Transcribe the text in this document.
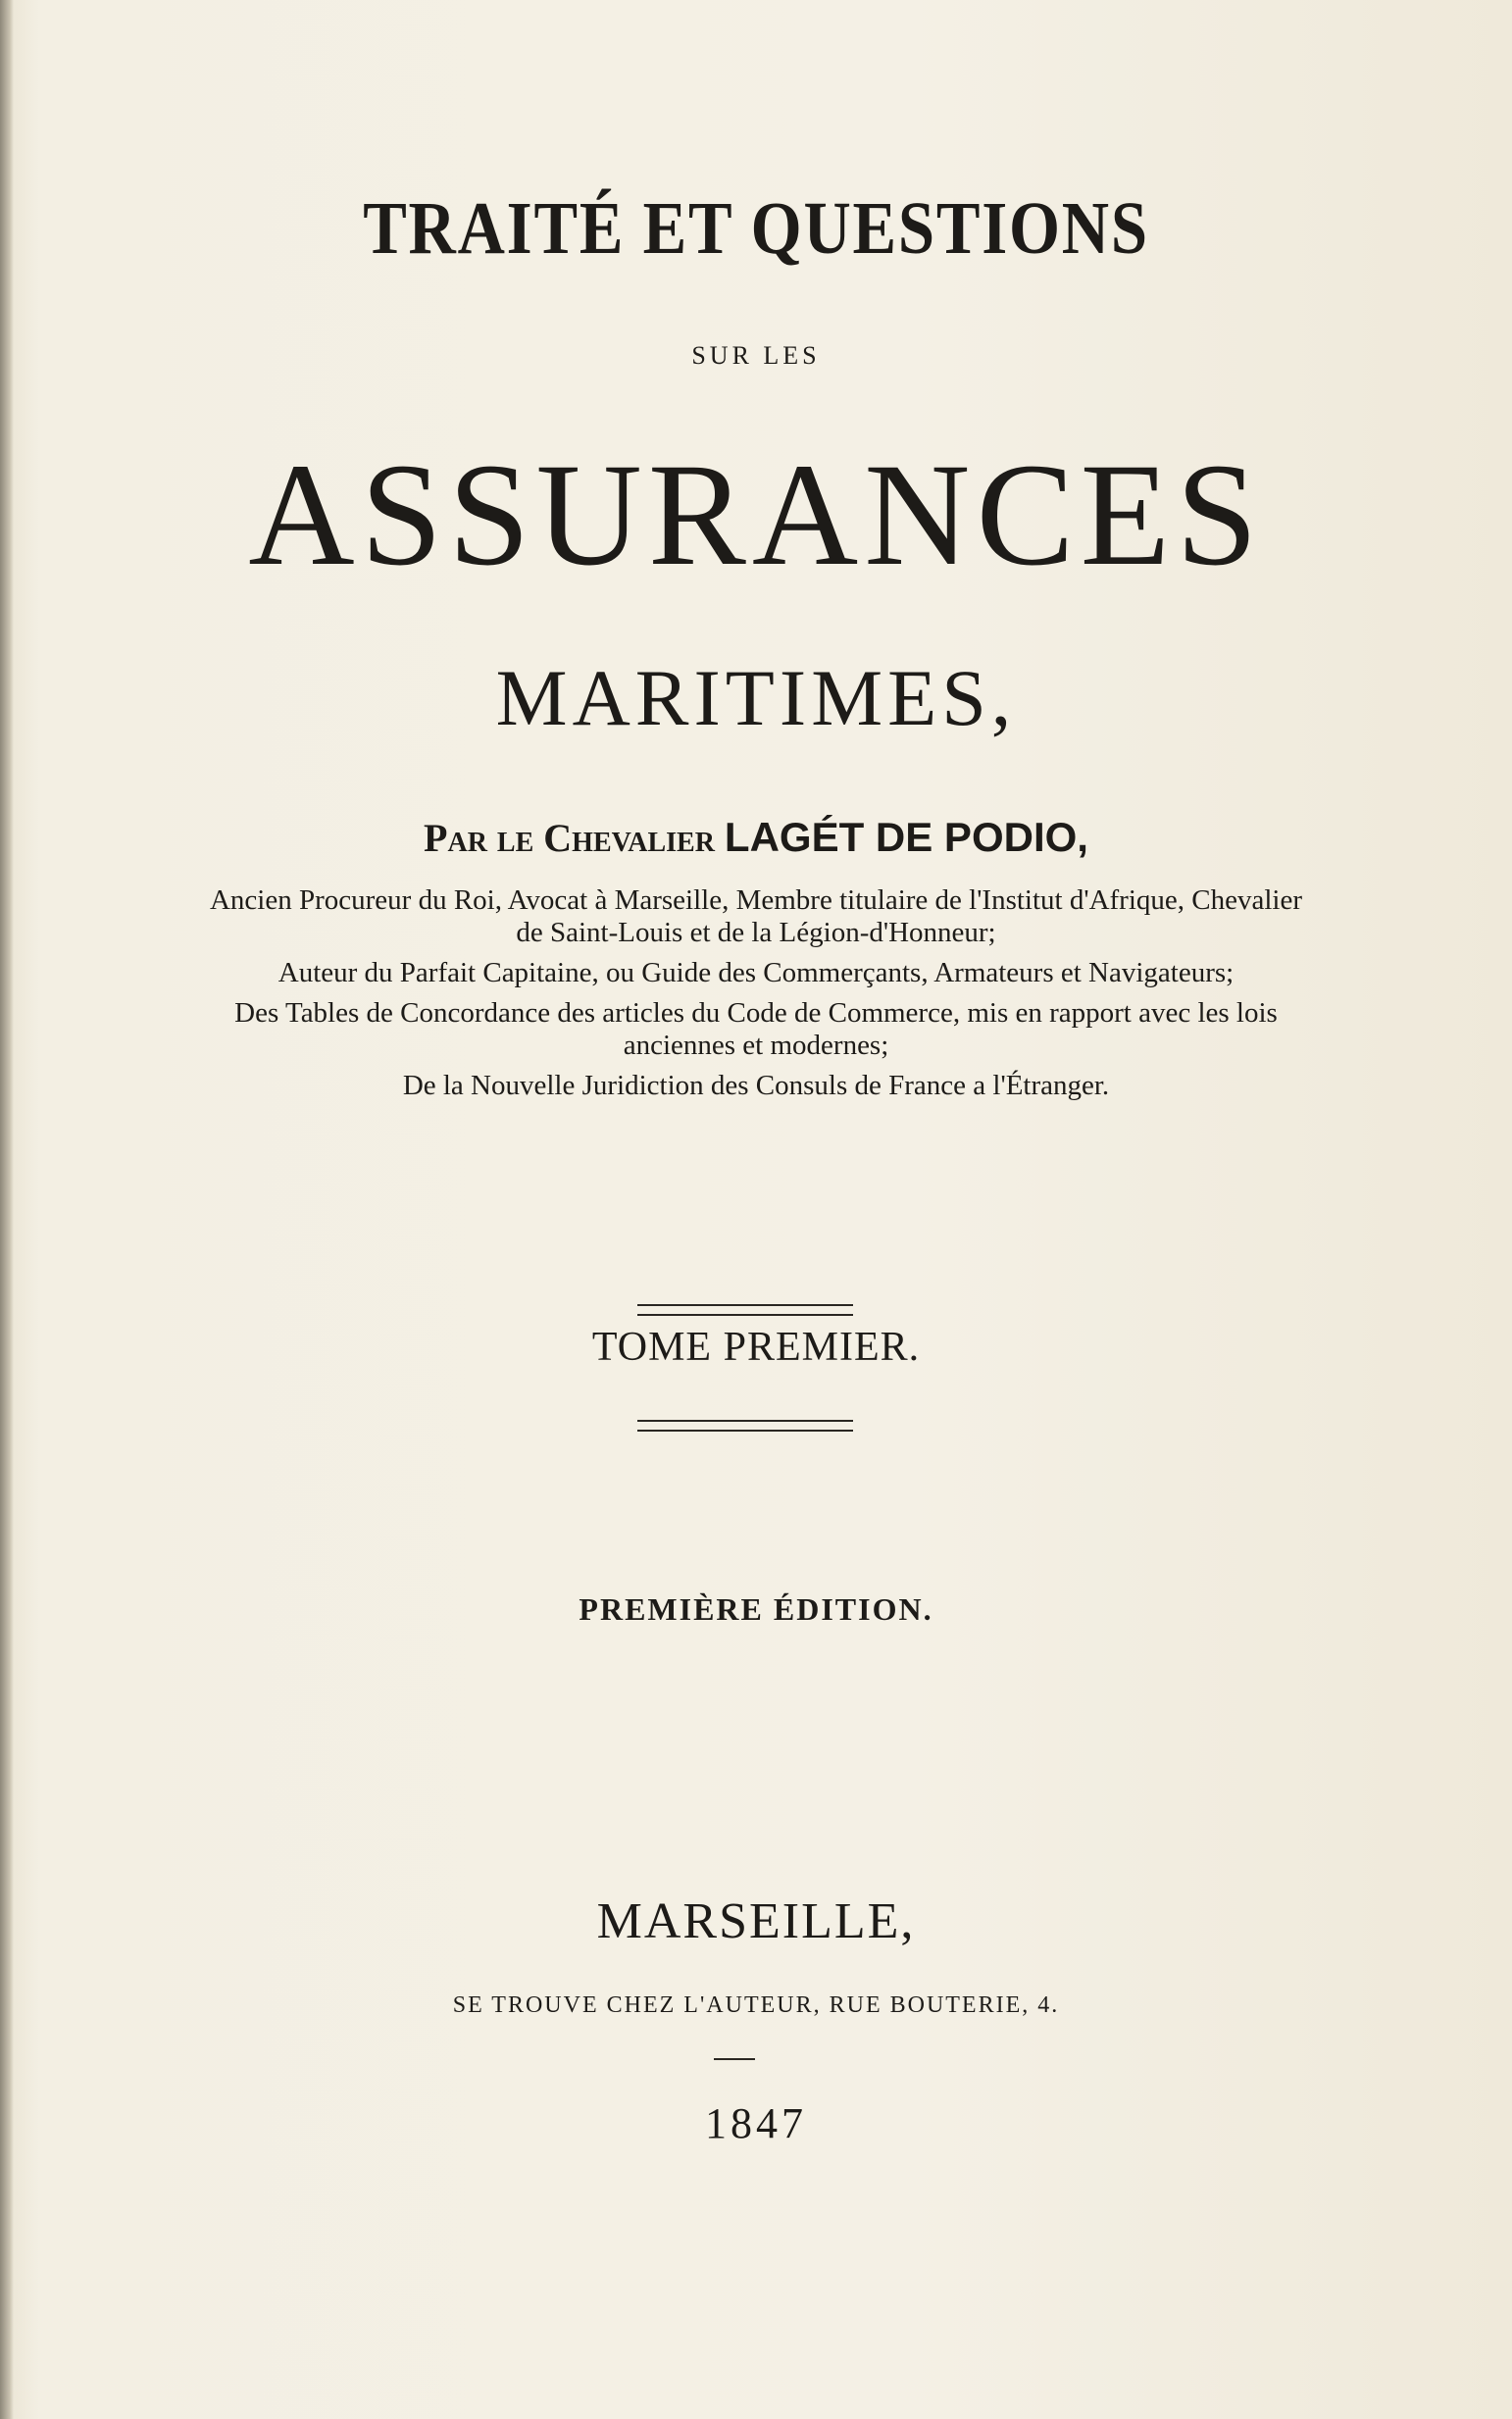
TRAITÉ ET QUESTIONS
SUR LES
ASSURANCES
MARITIMES,
Par le Chevalier LAGÉT DE PODIO,

Ancien Procureur du Roi, Avocat à Marseille, Membre titulaire de l'Institut d'Afrique, Chevalier de Saint-Louis et de la Légion-d'Honneur;

Auteur du Parfait Capitaine, ou Guide des Commerçants, Armateurs et Navigateurs;

Des Tables de Concordance des articles du Code de Commerce, mis en rapport avec les lois anciennes et modernes;

De la Nouvelle Juridiction des Consuls de France a l'Étranger.

TOME PREMIER.
PREMIÈRE ÉDITION.
MARSEILLE,
SE TROUVE CHEZ L'AUTEUR, RUE BOUTERIE, 4.
1847
